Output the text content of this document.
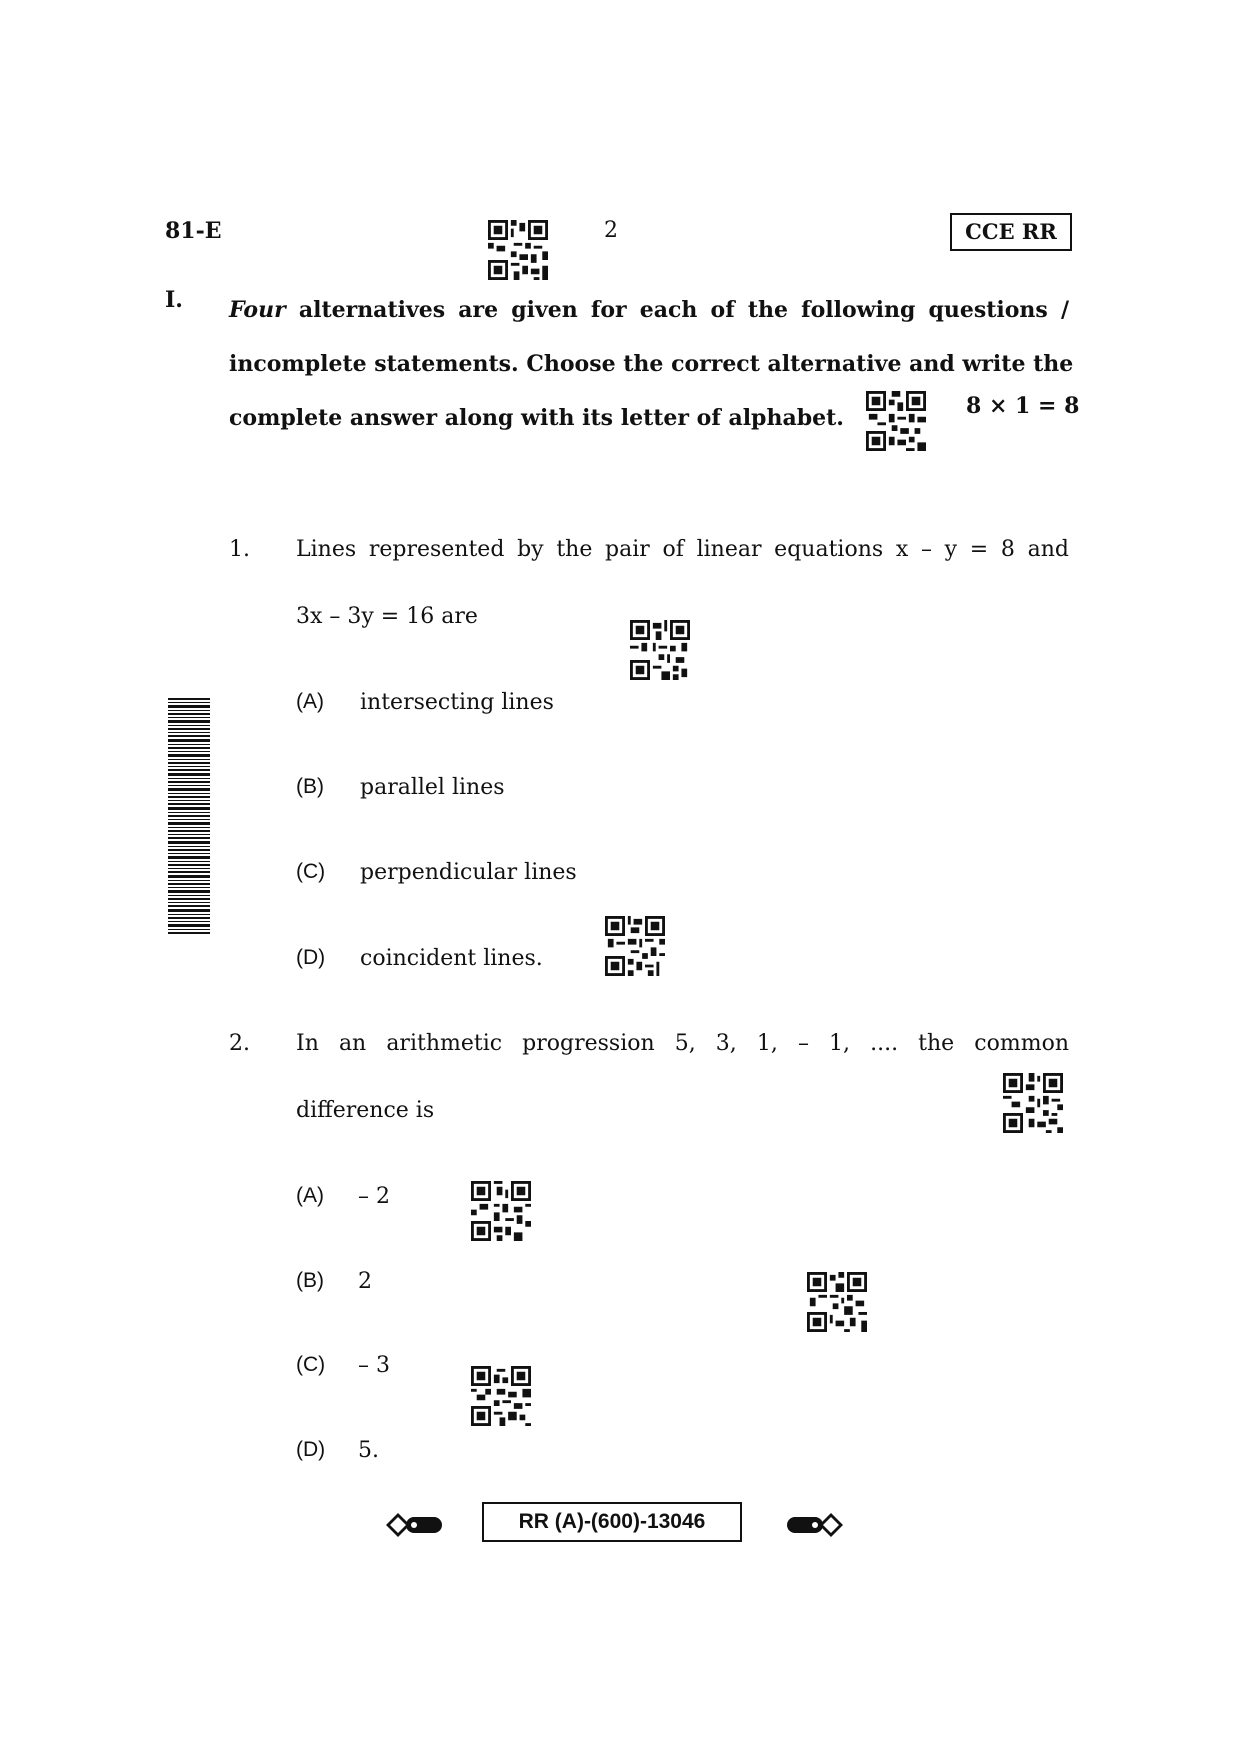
81-E	2	CCE RR
I. Four alternatives are given for each of the following questions /
incomplete statements. Choose the correct alternative and write the
complete answer along with its letter of alphabet.	8 × 1 = 8
1. Lines represented by the pair of linear equations x – y = 8 and
3x – 3y = 16 are
(A) intersecting lines
(B) parallel lines
(C) perpendicular lines
(D) coincident lines.
2. In an arithmetic progression 5, 3, 1, – 1, .... the common
difference is
(A) – 2
(B) 2
(C) – 3
(D) 5.
RR (A)-(600)-13046
